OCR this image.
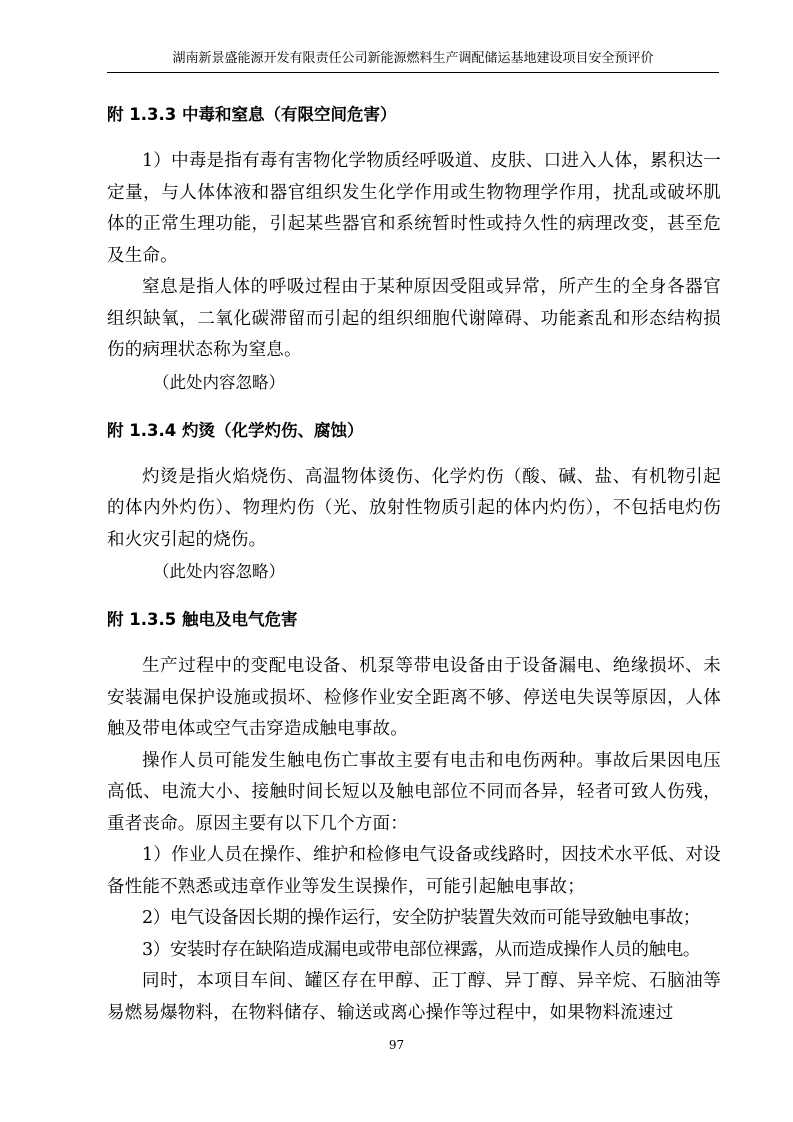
湖南新景盛能源开发有限责任公司新能源燃料生产调配储运基地建设项目安全预评价
附 1.3.3 中毒和窒息（有限空间危害）

1）中毒是指有毒有害物化学物质经呼吸道、皮肤、口进入人体，累积达一定量，与人体体液和器官组织发生化学作用或生物物理学作用，扰乱或破坏肌体的正常生理功能，引起某些器官和系统暂时性或持久性的病理改变，甚至危及生命。

窒息是指人体的呼吸过程由于某种原因受阻或异常，所产生的全身各器官组织缺氧，二氧化碳滞留而引起的组织细胞代谢障碍、功能紊乱和形态结构损伤的病理状态称为窒息。

（此处内容忽略）

附 1.3.4 灼烫（化学灼伤、腐蚀）

灼烫是指火焰烧伤、高温物体烫伤、化学灼伤（酸、碱、盐、有机物引起的体内外灼伤）、物理灼伤（光、放射性物质引起的体内灼伤），不包括电灼伤和火灾引起的烧伤。

（此处内容忽略）

附 1.3.5 触电及电气危害

生产过程中的变配电设备、机泵等带电设备由于设备漏电、绝缘损坏、未安装漏电保护设施或损坏、检修作业安全距离不够、停送电失误等原因，人体触及带电体或空气击穿造成触电事故。

操作人员可能发生触电伤亡事故主要有电击和电伤两种。事故后果因电压高低、电流大小、接触时间长短以及触电部位不同而各异，轻者可致人伤残，重者丧命。原因主要有以下几个方面：

1）作业人员在操作、维护和检修电气设备或线路时，因技术水平低、对设备性能不熟悉或违章作业等发生误操作，可能引起触电事故；

2）电气设备因长期的操作运行，安全防护装置失效而可能导致触电事故；

3）安装时存在缺陷造成漏电或带电部位裸露，从而造成操作人员的触电。

同时，本项目车间、罐区存在甲醇、正丁醇、异丁醇、异辛烷、石脑油等易燃易爆物料，在物料储存、输送或离心操作等过程中，如果物料流速过

97
